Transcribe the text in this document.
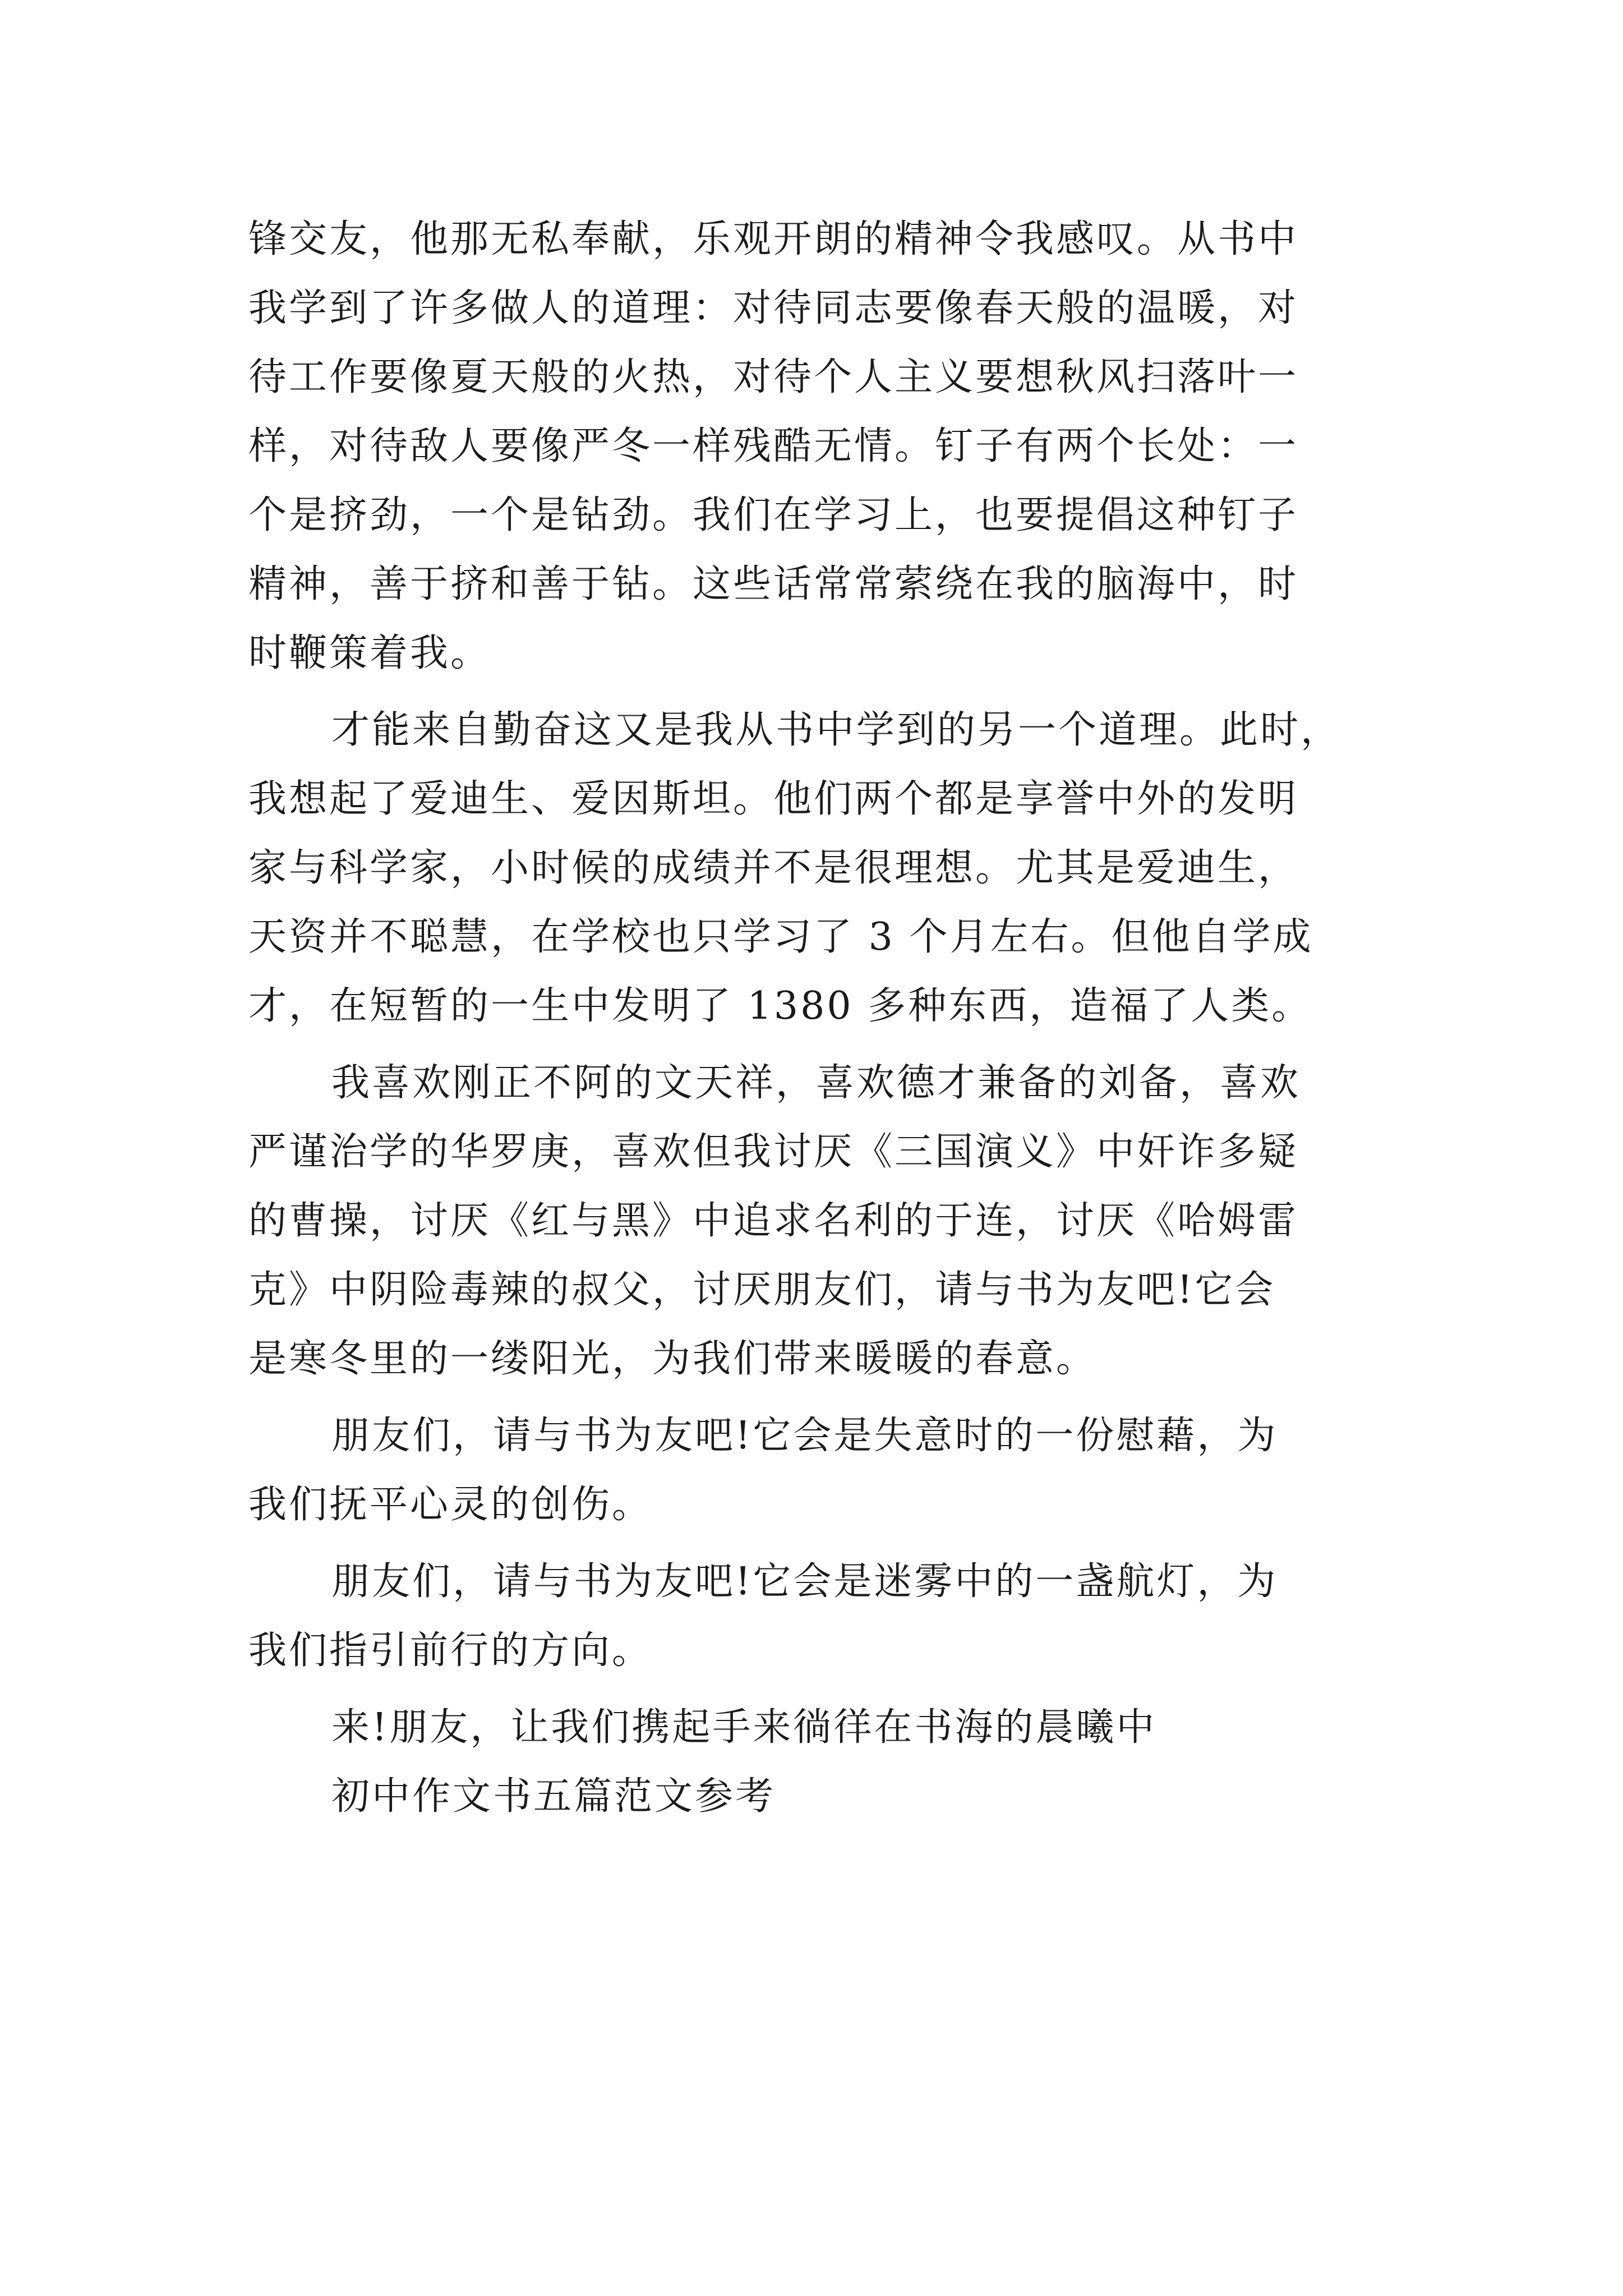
锋交友，他那无私奉献，乐观开朗的精神令我感叹。从书中
我学到了许多做人的道理：对待同志要像春天般的温暖，对
待工作要像夏天般的火热，对待个人主义要想秋风扫落叶一
样，对待敌人要像严冬一样残酷无情。钉子有两个长处：一
个是挤劲，一个是钻劲。我们在学习上，也要提倡这种钉子
精神，善于挤和善于钻。这些话常常萦绕在我的脑海中，时
时鞭策着我。
才能来自勤奋这又是我从书中学到的另一个道理。此时，
我想起了爱迪生、爱因斯坦。他们两个都是享誉中外的发明
家与科学家，小时候的成绩并不是很理想。尤其是爱迪生，
天资并不聪慧，在学校也只学习了 3 个月左右。但他自学成
才，在短暂的一生中发明了 1380 多种东西，造福了人类。
我喜欢刚正不阿的文天祥，喜欢德才兼备的刘备，喜欢
严谨治学的华罗庚，喜欢但我讨厌《三国演义》中奸诈多疑
的曹操，讨厌《红与黑》中追求名利的于连，讨厌《哈姆雷
克》中阴险毒辣的叔父，讨厌朋友们，请与书为友吧!它会
是寒冬里的一缕阳光，为我们带来暖暖的春意。
朋友们，请与书为友吧!它会是失意时的一份慰藉，为
我们抚平心灵的创伤。
朋友们，请与书为友吧!它会是迷雾中的一盏航灯，为
我们指引前行的方向。
来!朋友，让我们携起手来徜徉在书海的晨曦中
初中作文书五篇范文参考
